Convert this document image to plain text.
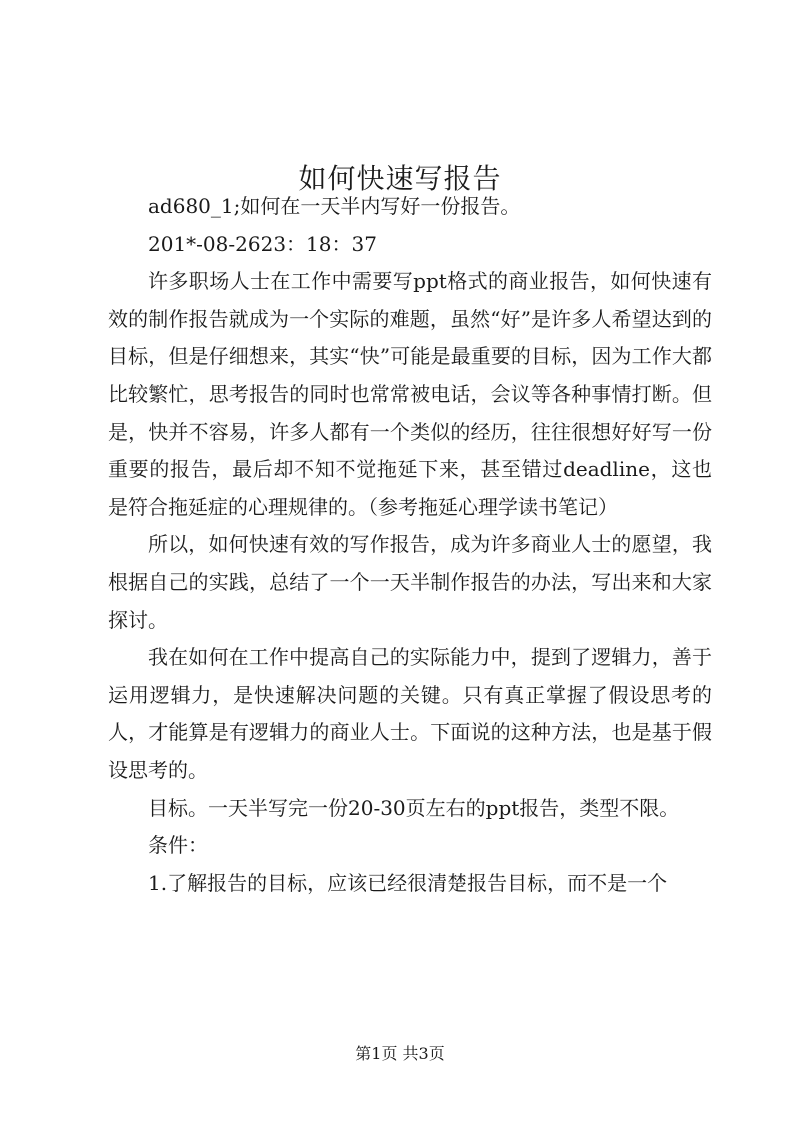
如何快速写报告

ad680_1;如何在一天半内写好一份报告。

201*-08-2623：18：37

许多职场人士在工作中需要写ppt格式的商业报告，如何快速有效的制作报告就成为一个实际的难题，虽然“好”是许多人希望达到的目标，但是仔细想来，其实“快”可能是最重要的目标，因为工作大都比较繁忙，思考报告的同时也常常被电话，会议等各种事情打断。但是，快并不容易，许多人都有一个类似的经历，往往很想好好写一份重要的报告，最后却不知不觉拖延下来，甚至错过deadline，这也是符合拖延症的心理规律的。（参考拖延心理学读书笔记）

所以，如何快速有效的写作报告，成为许多商业人士的愿望，我根据自己的实践，总结了一个一天半制作报告的办法，写出来和大家探讨。

我在如何在工作中提高自己的实际能力中，提到了逻辑力，善于运用逻辑力，是快速解决问题的关键。只有真正掌握了假设思考的人，才能算是有逻辑力的商业人士。下面说的这种方法，也是基于假设思考的。

目标。一天半写完一份20-30页左右的ppt报告，类型不限。

条件：

1.了解报告的目标，应该已经很清楚报告目标，而不是一个

第1页 共3页
